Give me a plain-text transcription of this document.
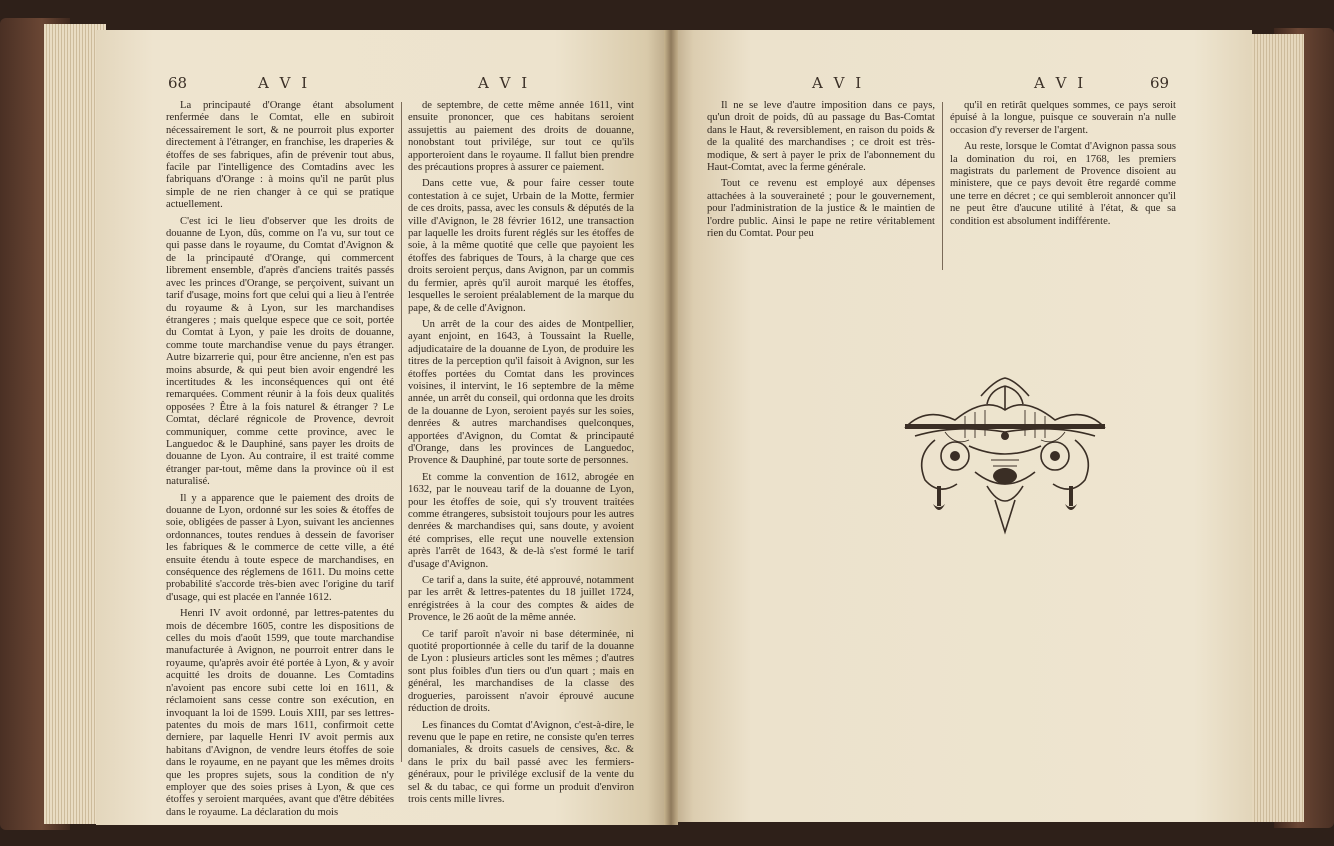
68	A V I	A V I

La principauté d'Orange étant absolument renfermée dans le Comtat, elle en subiroit nécessairement le sort, & ne pourroit plus exporter directement à l'étranger, en franchise, les draperies & étoffes de ses fabriques, afin de prévenir tout abus, facile par l'intelligence des Comtadins avec les fabriquans d'Orange : à moins qu'il ne parût plus simple de ne rien changer à ce qui se pratique actuellement.

C'est ici le lieu d'observer que les droits de douanne de Lyon, dûs, comme on l'a vu, sur tout ce qui passe dans le royaume, du Comtat d'Avignon & de la principauté d'Orange, qui commercent librement ensemble, d'après d'anciens traités passés avec les princes d'Orange, se perçoivent, suivant un tarif d'usage, moins fort que celui qui a lieu à l'entrée du royaume & à Lyon, sur les marchandises étrangeres ; mais quelque espece que ce soit, portée du Comtat à Lyon, y paie les droits de douanne, comme toute marchandise venue du pays étranger. Autre bizarrerie qui, pour être ancienne, n'en est pas moins absurde, & qui peut bien avoir engendré les incertitudes & les inconséquences qui ont été remarquées. Comment réunir à la fois deux qualités opposées ? Être à la fois naturel & étranger ? Le Comtat, déclaré régnicole de Provence, devroit communiquer, comme cette province, avec le Languedoc & le Dauphiné, sans payer les droits de douanne de Lyon. Au contraire, il est traité comme étranger par-tout, même dans la province où il est naturalisé.

Il y a apparence que le paiement des droits de douanne de Lyon, ordonné sur les soies & étoffes de soie, obligées de passer à Lyon, suivant les anciennes ordonnances, toutes rendues à dessein de favoriser les fabriques & le commerce de cette ville, a été ensuite étendu à toute espece de marchandises, en conséquence des réglemens de 1611. Du moins cette probabilité s'accorde très-bien avec l'origine du tarif d'usage, qui est placée en l'année 1612.

Henri IV avoit ordonné, par lettres-patentes du mois de décembre 1605, contre les dispositions de celles du mois d'août 1599, que toute marchandise manufacturée à Avignon, ne pourroit entrer dans le royaume, qu'après avoir été portée à Lyon, & y avoir acquitté les droits de douanne. Les Comtadins n'avoient pas encore subi cette loi en 1611, & réclamoient sans cesse contre son exécution, en invoquant la loi de 1599. Louis XIII, par ses lettres-patentes du mois de mars 1611, confirmoit cette derniere, par laquelle Henri IV avoit permis aux habitans d'Avignon, de vendre leurs étoffes de soie dans le royaume, en ne payant que les mêmes droits que les propres sujets, sous la condition de n'y employer que des soies prises à Lyon, & que ces étoffes y seroient marquées, avant que d'être débitées dans le royaume. La déclaration du mois

de septembre, de cette même année 1611, vint ensuite prononcer, que ces habitans seroient assujettis au paiement des droits de douanne, nonobstant tout privilége, sur tout ce qu'ils apporteroient dans le royaume. Il fallut bien prendre des précautions propres à assurer ce paiement.

Dans cette vue, & pour faire cesser toute contestation à ce sujet, Urbain de la Motte, fermier de ces droits, passa, avec les consuls & députés de la ville d'Avignon, le 28 février 1612, une transaction par laquelle les droits furent réglés sur les étoffes de soie, à la même quotité que celle que payoient les étoffes des fabriques de Tours, à la charge que ces droits seroient perçus, dans Avignon, par un commis du fermier, après qu'il auroit marqué les étoffes, lesquelles le seroient préalablement de la marque du pape, & de celle d'Avignon.

Un arrêt de la cour des aides de Montpellier, ayant enjoint, en 1643, à Toussaint la Ruelle, adjudicataire de la douanne de Lyon, de produire les titres de la perception qu'il faisoit à Avignon, sur les étoffes portées du Comtat dans les provinces voisines, il intervint, le 16 septembre de la même année, un arrêt du conseil, qui ordonna que les droits de la douanne de Lyon, seroient payés sur les soies, denrées & autres marchandises quelconques, apportées d'Avignon, du Comtat & principauté d'Orange, dans les provinces de Languedoc, Provence & Dauphiné, par toute sorte de personnes.

Et comme la convention de 1612, abrogée en 1632, par le nouveau tarif de la douanne de Lyon, pour les étoffes de soie, qui s'y trouvent traitées comme étrangeres, subsistoit toujours pour les autres denrées & marchandises qui, sans doute, y avoient été comprises, elle reçut une nouvelle extension après l'arrêt de 1643, & de-là s'est formé le tarif d'usage d'Avignon.

Ce tarif a, dans la suite, été approuvé, notamment par les arrêt & lettres-patentes du 18 juillet 1724, enrégistrées à la cour des comptes & aides de Provence, le 26 août de la même année.

Ce tarif paroît n'avoir ni base déterminée, ni quotité proportionnée à celle du tarif de la douanne de Lyon : plusieurs articles sont les mêmes ; d'autres sont plus foibles d'un tiers ou d'un quart ; mais en général, les marchandises de la classe des drogueries, paroissent n'avoir éprouvé aucune réduction de droits.

Les finances du Comtat d'Avignon, c'est-à-dire, le revenu que le pape en retire, ne consiste qu'en terres domaniales, & droits casuels de censives, &c. & dans le prix du bail passé avec les fermiers-généraux, pour le privilége exclusif de la vente du sel & du tabac, ce qui forme un produit d'environ trois cents mille livres.

A V I	A V I	69

Il ne se leve d'autre imposition dans ce pays, qu'un droit de poids, dû au passage du Bas-Comtat dans le Haut, & reversiblement, en raison du poids & de la qualité des marchandises ; ce droit est très-modique, & sert à payer le prix de l'abonnement du Haut-Comtat, avec la ferme générale.

Tout ce revenu est employé aux dépenses attachées à la souveraineté ; pour le gouvernement, pour l'administration de la justice & le maintien de l'ordre public. Ainsi le pape ne retire véritablement rien du Comtat. Pour peu

qu'il en retirât quelques sommes, ce pays seroit épuisé à la longue, puisque ce souverain n'a nulle occasion d'y reverser de l'argent.

Au reste, lorsque le Comtat d'Avignon passa sous la domination du roi, en 1768, les premiers magistrats du parlement de Provence disoient au ministere, que ce pays devoit être regardé comme une terre en décret ; ce qui sembleroit annoncer qu'il ne peut être d'aucune utilité à l'état, & que sa condition est absolument indifférente.
